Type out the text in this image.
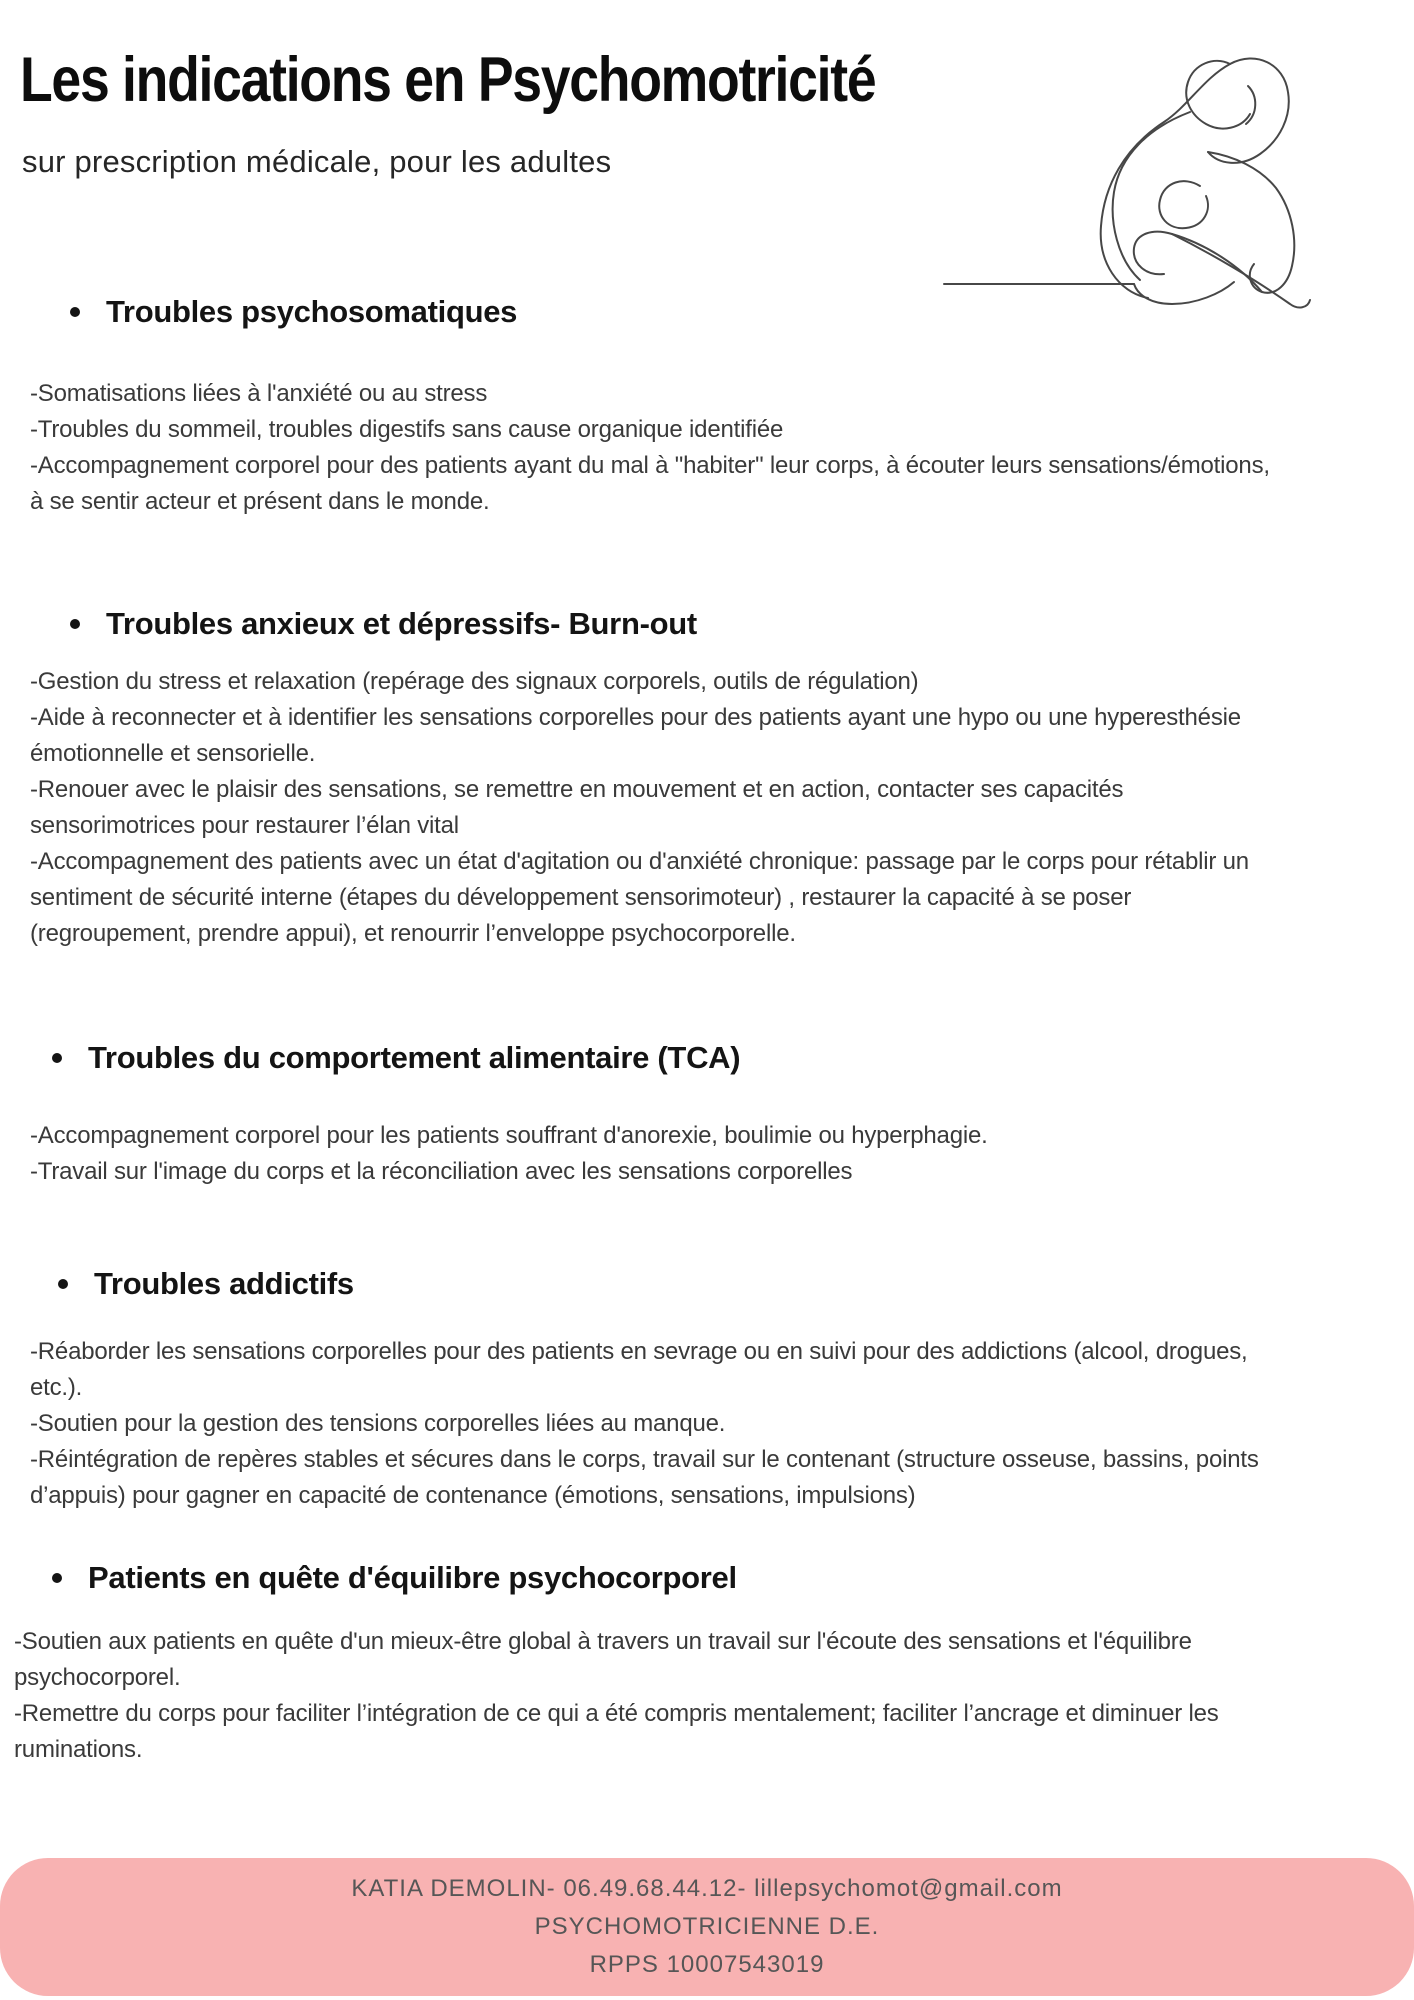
Les indications en Psychomotricité

sur prescription médicale, pour les adultes

Troubles psychosomatiques

-Somatisations liées à l'anxiété ou au stress

-Troubles du sommeil, troubles digestifs sans cause organique identifiée

-Accompagnement corporel pour des patients ayant du mal à "habiter" leur corps, à écouter leurs sensations/émotions, à se sentir acteur et présent dans le monde.

Troubles anxieux et dépressifs- Burn-out

-Gestion du stress et relaxation (repérage des signaux corporels, outils de régulation)

-Aide à reconnecter et à identifier les sensations corporelles pour des patients ayant une hypo ou une hyperesthésie émotionnelle et sensorielle.

-Renouer avec le plaisir des sensations, se remettre en mouvement et en action, contacter ses capacités sensorimotrices pour restaurer l’élan vital

-Accompagnement des patients avec un état d'agitation ou d'anxiété chronique: passage par le corps pour rétablir un sentiment de sécurité interne (étapes du développement sensorimoteur) , restaurer la capacité à se poser (regroupement, prendre appui), et renourrir l’enveloppe psychocorporelle.

Troubles du comportement alimentaire (TCA)

-Accompagnement corporel pour les patients souffrant d'anorexie, boulimie ou hyperphagie.

-Travail sur l'image du corps et la réconciliation avec les sensations corporelles

Troubles addictifs

-Réaborder les sensations corporelles pour des patients en sevrage ou en suivi pour des addictions (alcool, drogues, etc.).

-Soutien pour la gestion des tensions corporelles liées au manque.

-Réintégration de repères stables et sécures dans le corps, travail sur le contenant (structure osseuse, bassins, points d’appuis) pour gagner en capacité de contenance (émotions, sensations, impulsions)

Patients en quête d'équilibre psychocorporel

-Soutien aux patients en quête d'un mieux-être global à travers un travail sur l'écoute des sensations et l'équilibre psychocorporel.

-Remettre du corps pour faciliter l’intégration de ce qui a été compris mentalement; faciliter l’ancrage et diminuer les ruminations.

KATIA DEMOLIN- 06.49.68.44.12- lillepsychomot@gmail.com

PSYCHOMOTRICIENNE D.E.

RPPS 10007543019
